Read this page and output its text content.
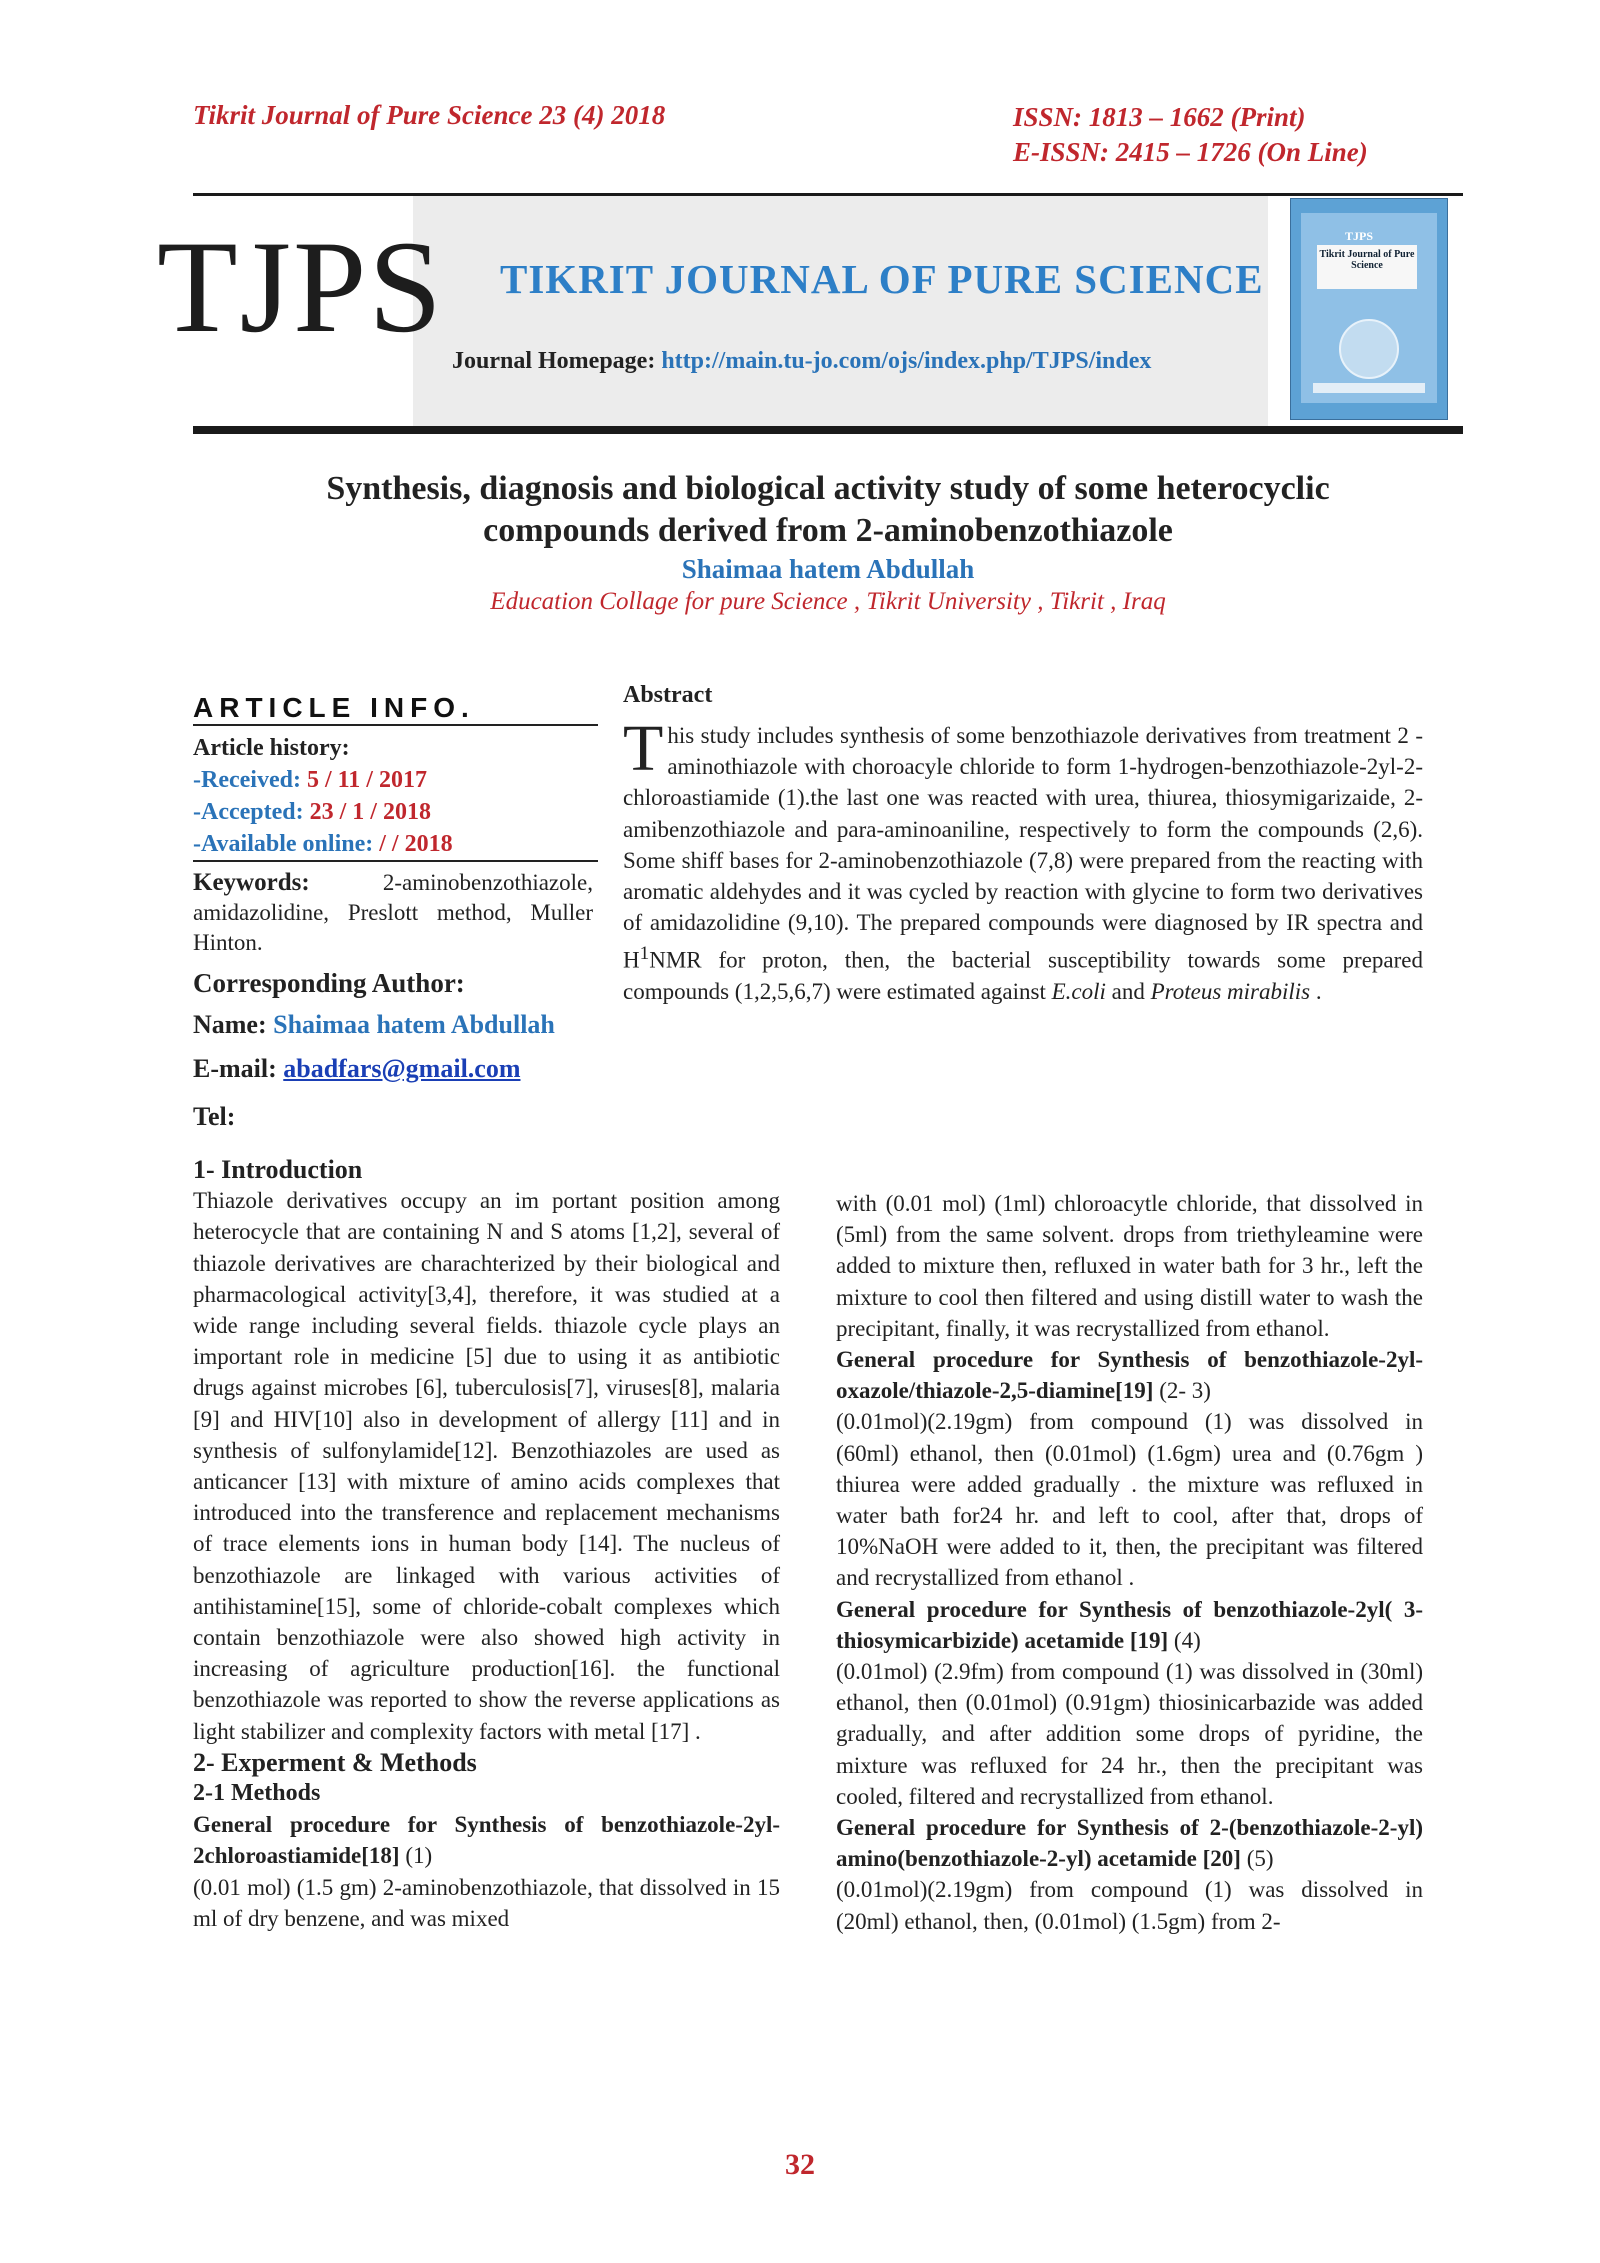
Tikrit Journal of Pure Science 23 (4) 2018	ISSN: 1813 – 1662 (Print)
E-ISSN: 2415 – 1726 (On Line)
TJPS TIKRIT JOURNAL OF PURE SCIENCE
Journal Homepage: http://main.tu-jo.com/ojs/index.php/TJPS/index
TJPS
Tikrit Journal of Pure Science
Synthesis, diagnosis and biological activity study of some heterocyclic
compounds derived from 2-aminobenzothiazole
Shaimaa hatem Abdullah
Education Collage for pure Science , Tikrit University , Tikrit , Iraq
ARTICLE INFO.
Article history:
-Received: 5 / 11 / 2017
-Accepted: 23 / 1 / 2018
-Available online: / / 2018
Keywords: 2-aminobenzothiazole, amidazolidine, Preslott method, Muller Hinton.
Corresponding Author:
Name: Shaimaa hatem Abdullah
E-mail: abadfars@gmail.com
Tel:
Abstract
This study includes synthesis of some benzothiazole derivatives from treatment 2 -aminothiazole with choroacyle chloride to form 1-hydrogen-benzothiazole-2yl-2-chloroastiamide (1).the last one was reacted with urea, thiurea, thiosymigarizaide, 2- amibenzothiazole and para-aminoaniline, respectively to form the compounds (2,6). Some shiff bases for 2-aminobenzothiazole (7,8) were prepared from the reacting with aromatic aldehydes and it was cycled by reaction with glycine to form two derivatives of amidazolidine (9,10). The prepared compounds were diagnosed by IR spectra and $H^1NMR$ for proton, then, the bacterial susceptibility towards some prepared compounds (1,2,5,6,7) were estimated against E.coli and Proteus mirabilis .

1- Introduction

Thiazole derivatives occupy an im portant position among heterocycle that are containing N and S atoms [1,2], several of thiazole derivatives are charachterized by their biological and pharmacological activity[3,4], therefore, it was studied at a wide range including several fields. thiazole cycle plays an important role in medicine [5] due to using it as antibiotic drugs against microbes [6], tuberculosis[7], viruses[8], malaria [9] and HIV[10] also in development of allergy [11] and in synthesis of sulfonylamide[12]. Benzothiazoles are used as anticancer [13] with mixture of amino acids complexes that introduced into the transference and replacement mechanisms of trace elements ions in human body [14]. The nucleus of benzothiazole are linkaged with various activities of antihistamine[15], some of chloride-cobalt complexes which contain benzothiazole were also showed high activity in increasing of agriculture production[16]. the functional benzothiazole was reported to show the reverse applications as light stabilizer and complexity factors with metal [17] .

2- Experment & Methods

2-1 Methods

General procedure for Synthesis of benzothiazole-2yl-2chloroastiamide[18] (1)

(0.01 mol) (1.5 gm) 2-aminobenzothiazole, that dissolved in 15 ml of dry benzene, and was mixed

with (0.01 mol) (1ml) chloroacytle chloride, that dissolved in (5ml) from the same solvent. drops from triethyleamine were added to mixture then, refluxed in water bath for 3 hr., left the mixture to cool then filtered and using distill water to wash the precipitant, finally, it was recrystallized from ethanol.

General procedure for Synthesis of benzothiazole-2yl- oxazole/thiazole-2,5-diamine[19] (2- 3)

(0.01mol)(2.19gm) from compound (1) was dissolved in (60ml) ethanol, then (0.01mol) (1.6gm) urea and (0.76gm ) thiurea were added gradually . the mixture was refluxed in water bath for24 hr. and left to cool, after that, drops of 10%NaOH were added to it, then, the precipitant was filtered and recrystallized from ethanol .

General procedure for Synthesis of benzothiazole-2yl( 3-thiosymicarbizide) acetamide [19] (4)

(0.01mol) (2.9fm) from compound (1) was dissolved in (30ml) ethanol, then (0.01mol) (0.91gm) thiosinicarbazide was added gradually, and after addition some drops of pyridine, the mixture was refluxed for 24 hr., then the precipitant was cooled, filtered and recrystallized from ethanol.

General procedure for Synthesis of 2-(benzothiazole-2-yl) amino(benzothiazole-2-yl) acetamide [20] (5)

(0.01mol)(2.19gm) from compound (1) was dissolved in (20ml) ethanol, then, (0.01mol) (1.5gm) from 2-

32
